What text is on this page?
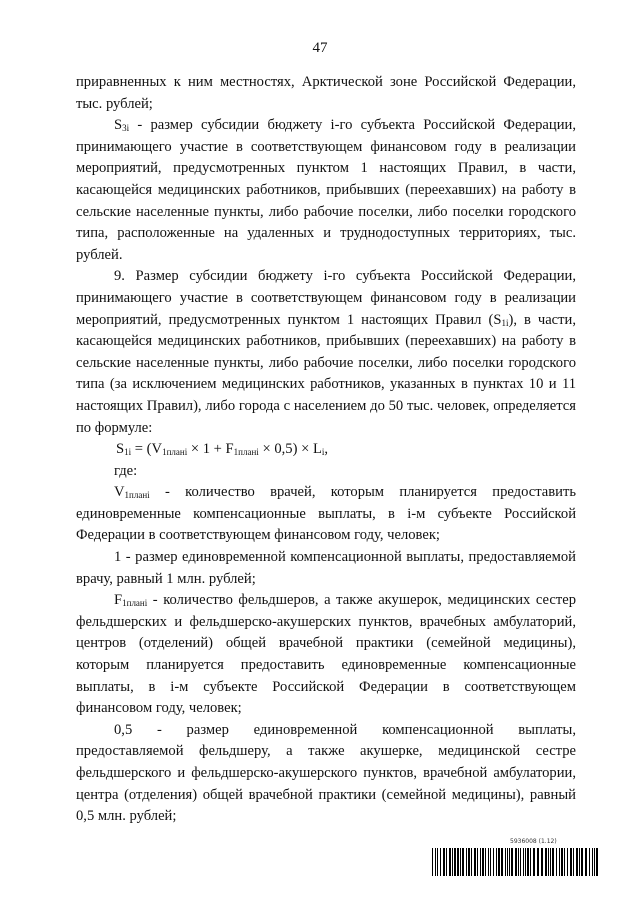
47

приравненных к ним местностях, Арктической зоне Российской Федерации, тыс. рублей;

$S_{3i}$ - размер субсидии бюджету i-го субъекта Российской Федерации, принимающего участие в соответствующем финансовом году в реализации мероприятий, предусмотренных пунктом 1 настоящих Правил, в части, касающейся медицинских работников, прибывших (переехавших) на работу в сельские населенные пункты, либо рабочие поселки, либо поселки городского типа, расположенные на удаленных и труднодоступных территориях, тыс. рублей.

9. Размер субсидии бюджету i-го субъекта Российской Федерации, принимающего участие в соответствующем финансовом году в реализации мероприятий, предусмотренных пунктом 1 настоящих Правил $(S_{1i})$, в части, касающейся медицинских работников, прибывших (переехавших) на работу в сельские населенные пункты, либо рабочие поселки, либо поселки городского типа (за исключением медицинских работников, указанных в пунктах 10 и 11 настоящих Правил), либо города с населением до 50 тыс. человек, определяется по формуле:

$S_{1i} = (V_{1плані} \times 1 + F_{1плані} \times 0,5) \times L_i$,

где:

$V_{1плані}$ - количество врачей, которым планируется предоставить единовременные компенсационные выплаты, в i-м субъекте Российской Федерации в соответствующем финансовом году, человек;

1 - размер единовременной компенсационной выплаты, предоставляемой врачу, равный 1 млн. рублей;

$F_{1плані}$ - количество фельдшеров, а также акушерок, медицинских сестер фельдшерских и фельдшерско-акушерских пунктов, врачебных амбулаторий, центров (отделений) общей врачебной практики (семейной медицины), которым планируется предоставить единовременные компенсационные выплаты, в i-м субъекте Российской Федерации в соответствующем финансовом году, человек;

0,5 - размер единовременной компенсационной выплаты, предоставляемой фельдшеру, а также акушерке, медицинской сестре фельдшерского и фельдшерско-акушерского пунктов, врачебной амбулатории, центра (отделения) общей врачебной практики (семейной медицины), равный 0,5 млн. рублей;

5936008 (1.12)
